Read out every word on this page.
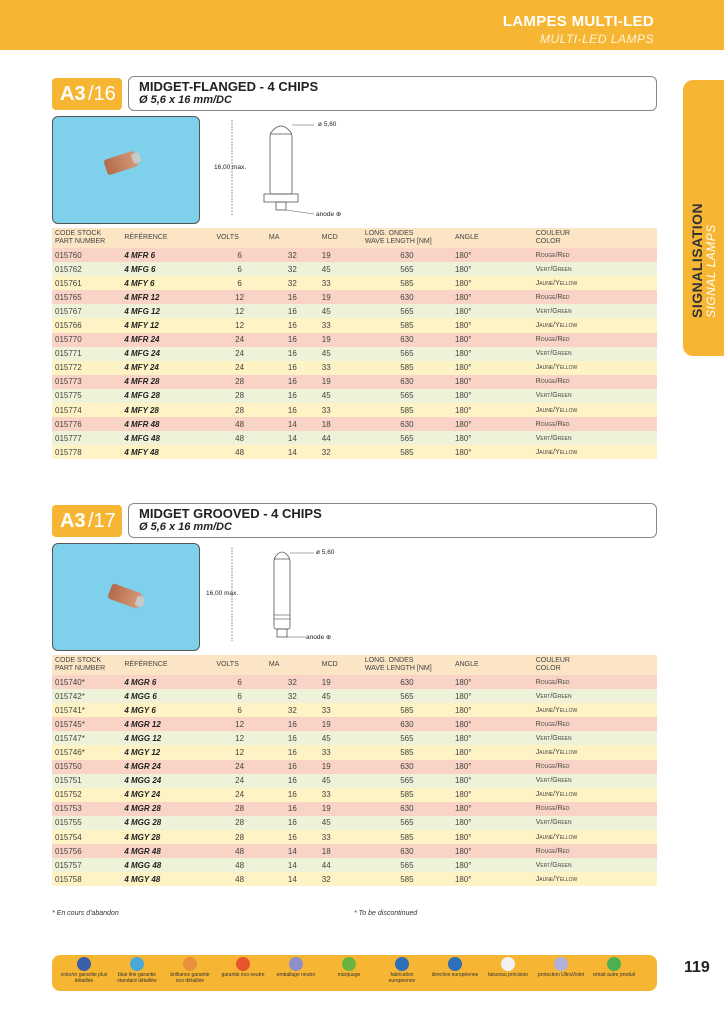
LAMPES MULTI-LED
MULTI-LED LAMPS
SIGNALISATION SIGNAL LAMPS
A3 /16 MIDGET-FLANGED - 4 CHIPS
Ø 5,6 x 16 mm/DC
ø 5,60
16,00 max.
anode ⊕
CODE STOCK
PART NUMBER	RÉFÉRENCE	VOLTS	MA	MCD	LONG. ONDES
WAVE LENGTH [NM]	ANGLE	COULEUR
COLOR
015760	4 MFR 6	6	32	19	630	180°	Rouge/Red
015762	4 MFG 6	6	32	45	565	180°	Vert/Green
015761	4 MFY 6	6	32	33	585	180°	Jaune/Yellow
015765	4 MFR 12	12	16	19	630	180°	Rouge/Red
015767	4 MFG 12	12	16	45	565	180°	Vert/Green
015766	4 MFY 12	12	16	33	585	180°	Jaune/Yellow
015770	4 MFR 24	24	16	19	630	180°	Rouge/Red
015771	4 MFG 24	24	16	45	565	180°	Vert/Green
015772	4 MFY 24	24	16	33	585	180°	Jaune/Yellow
015773	4 MFR 28	28	16	19	630	180°	Rouge/Red
015775	4 MFG 28	28	16	45	565	180°	Vert/Green
015774	4 MFY 28	28	16	33	585	180°	Jaune/Yellow
015776	4 MFR 48	48	14	18	630	180°	Rouge/Red
015777	4 MFG 48	48	14	44	565	180°	Vert/Green
015778	4 MFY 48	48	14	32	585	180°	Jaune/Yellow
A3 /17 MIDGET GROOVED - 4 CHIPS
Ø 5,6 x 16 mm/DC
ø 5,60
16,00 max.
anode ⊕
CODE STOCK
PART NUMBER	RÉFÉRENCE	VOLTS	MA	MCD	LONG. ONDES
WAVE LENGTH [NM]	ANGLE	COULEUR
COLOR
015740*	4 MGR 6	6	32	19	630	180°	Rouge/Red
015742*	4 MGG 6	6	32	45	565	180°	Vert/Green
015741*	4 MGY 6	6	32	33	585	180°	Jaune/Yellow
015745*	4 MGR 12	12	16	19	630	180°	Rouge/Red
015747*	4 MGG 12	12	16	45	565	180°	Vert/Green
015746*	4 MGY 12	12	16	33	585	180°	Jaune/Yellow
015750	4 MGR 24	24	16	19	630	180°	Rouge/Red
015751	4 MGG 24	24	16	45	565	180°	Vert/Green
015752	4 MGY 24	24	16	33	585	180°	Jaune/Yellow
015753	4 MGR 28	28	16	19	630	180°	Rouge/Red
015755	4 MGG 28	28	16	45	565	180°	Vert/Green
015754	4 MGY 28	28	16	33	585	180°	Jaune/Yellow
015756	4 MGR 48	48	14	18	630	180°	Rouge/Red
015757	4 MGG 48	48	14	44	565	180°	Vert/Green
015758	4 MGY 48	48	14	32	585	180°	Jaune/Yellow
* En cours d'abandon	* To be discontinued
color/or garantie plus détaillée
blue line garantie standard détaillée
brilliance garantie éco détaillée
garantie éco neutre	emballage neutre	marquage	fabrication européenne
directive européenne	faisceau précision	protection UltraViolet	retrait autre produit	119
